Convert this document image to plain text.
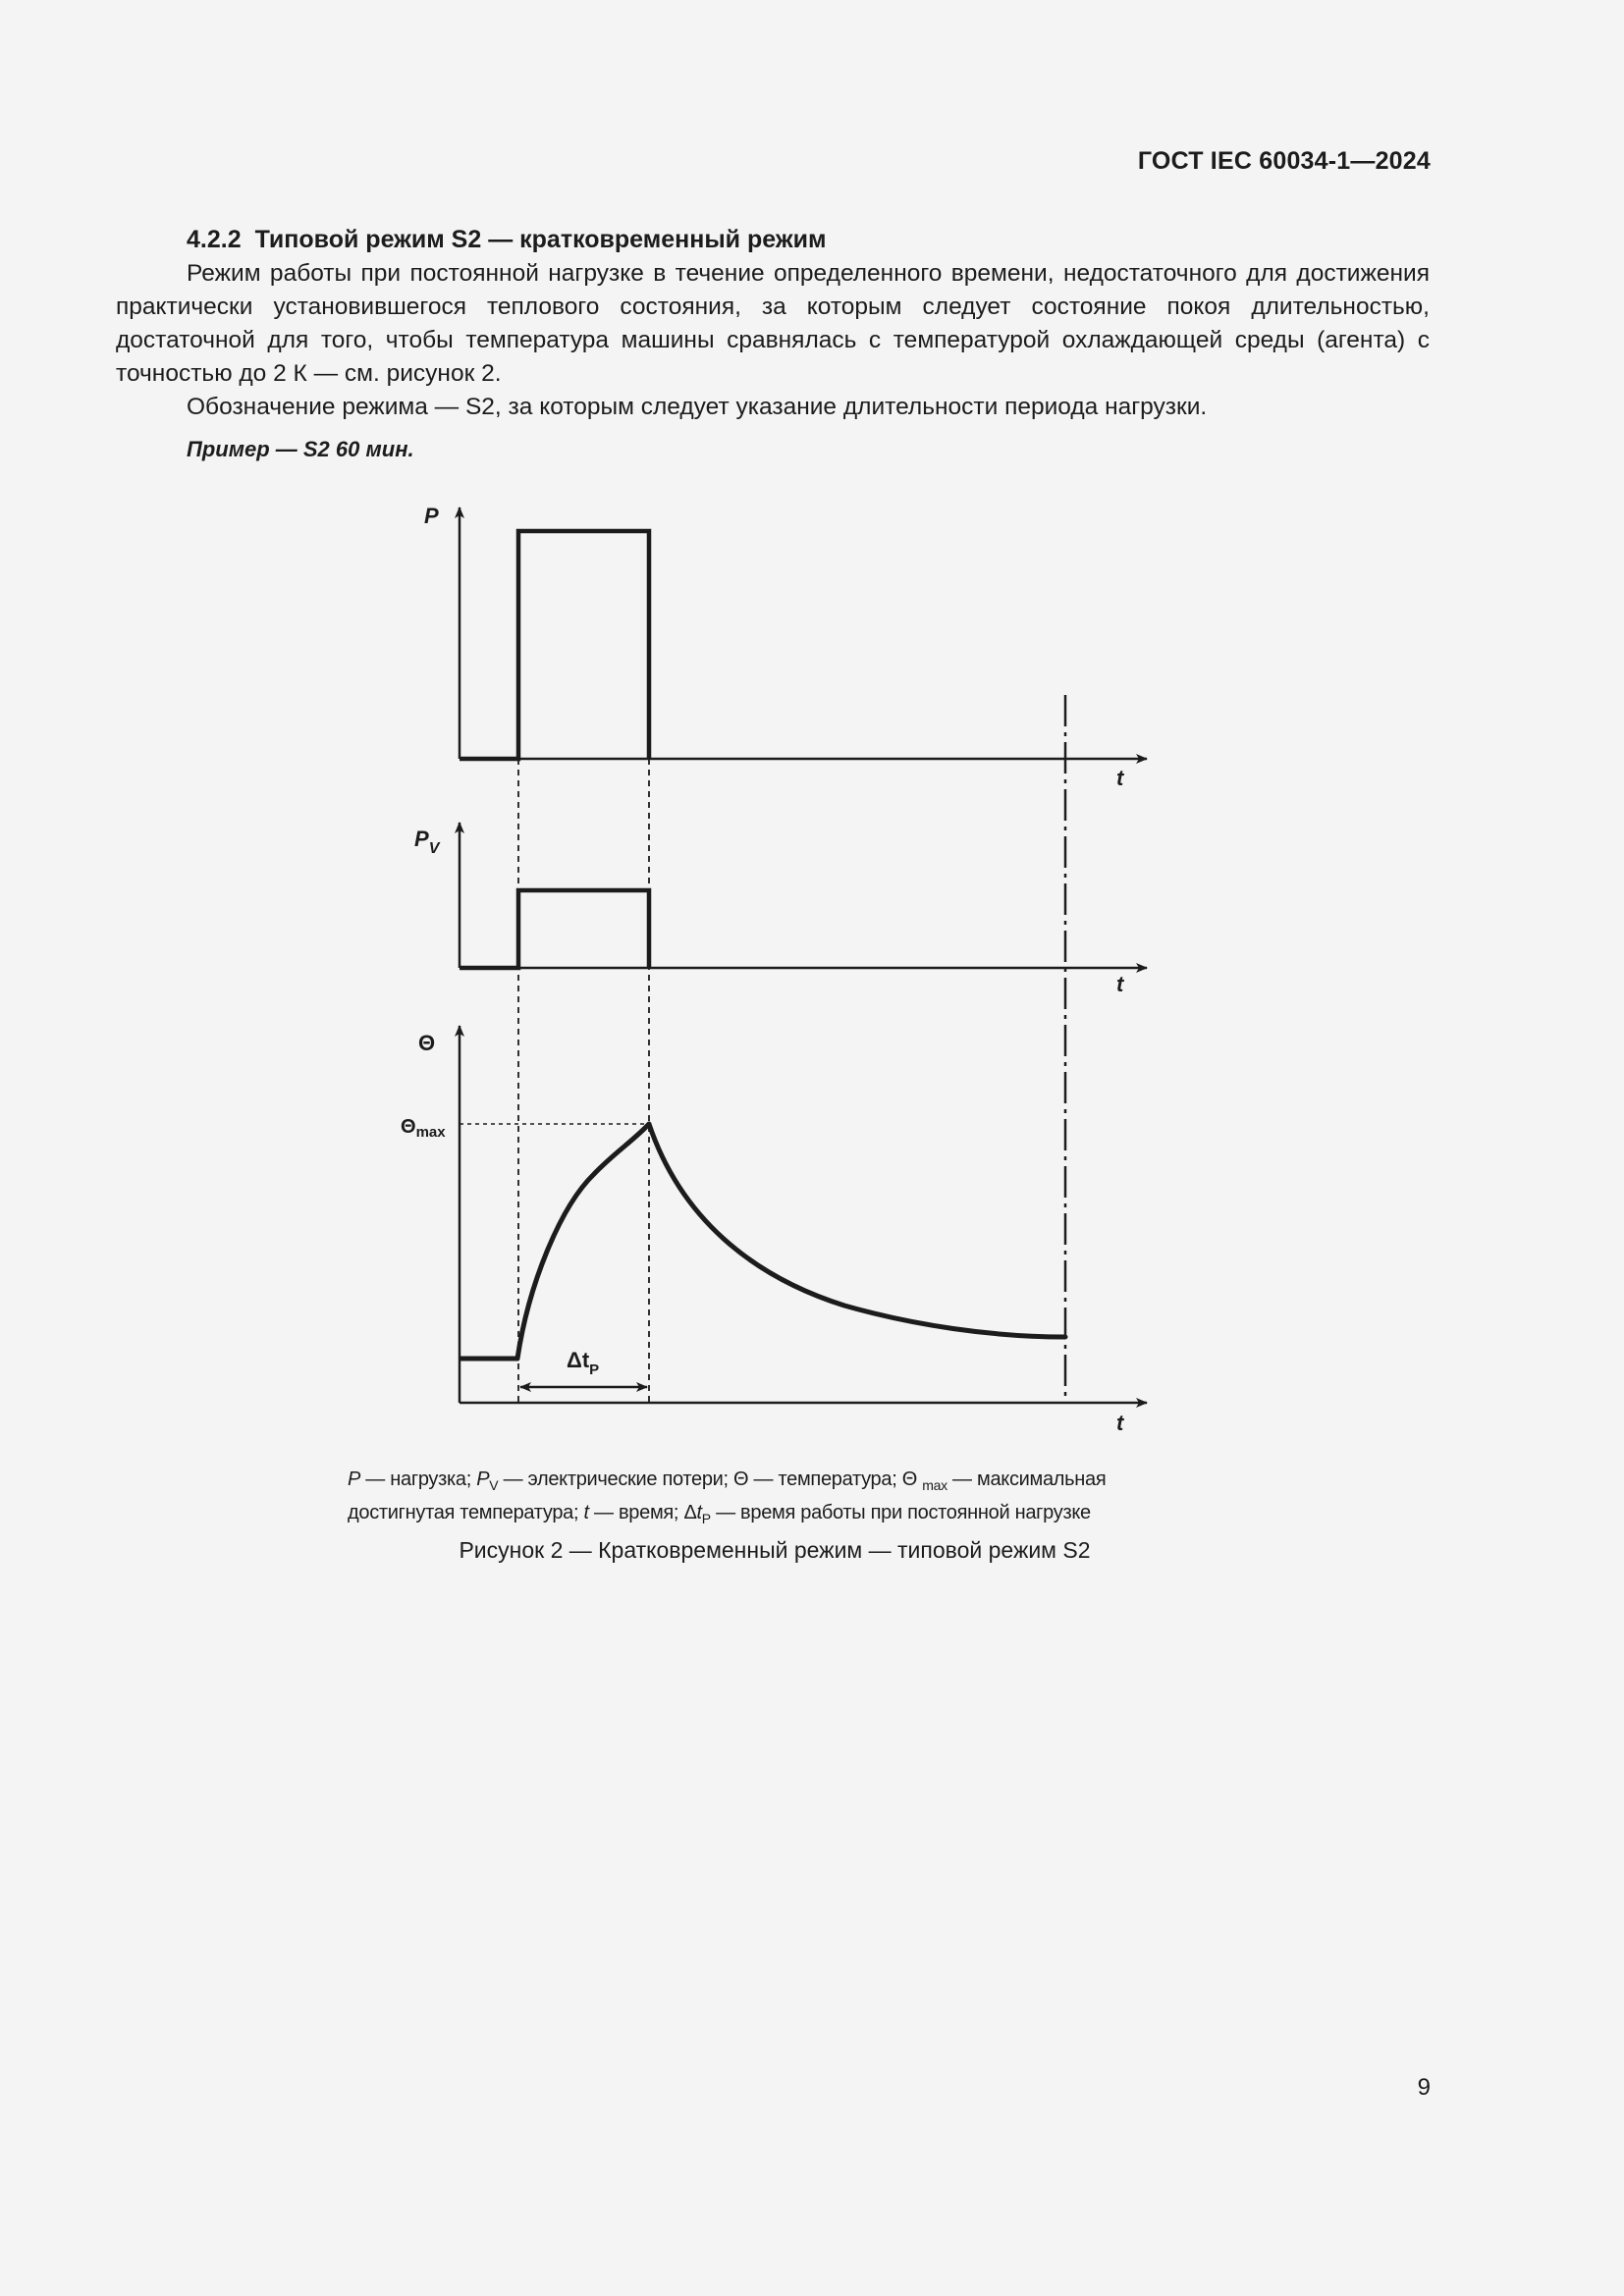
ГОСТ IEC 60034-1—2024
4.2.2 Типовой режим S2 — кратковременный режим

Режим работы при постоянной нагрузке в течение определенного времени, недостаточного для достижения практически установившегося теплового состояния, за которым следует состояние покоя длительностью, достаточной для того, чтобы температура машины сравнялась с температурой охлаждающей среды (агента) с точностью до 2 К — см. рисунок 2.

Обозначение режима — S2, за которым следует указание длительности периода нагрузки.

Пример — S2 60 мин.
P
t
$P_V$
t
Θ
$\Theta_{max}$
t
$\Delta t_P$
P — нагрузка; $P_V$ — электрические потери; Θ — температура; Θ $_{max}$ — максимальная
достигнутая температура; t — время; $\Delta t_P$ — время работы при постоянной нагрузке
Рисунок 2 — Кратковременный режим — типовой режим S2
9
